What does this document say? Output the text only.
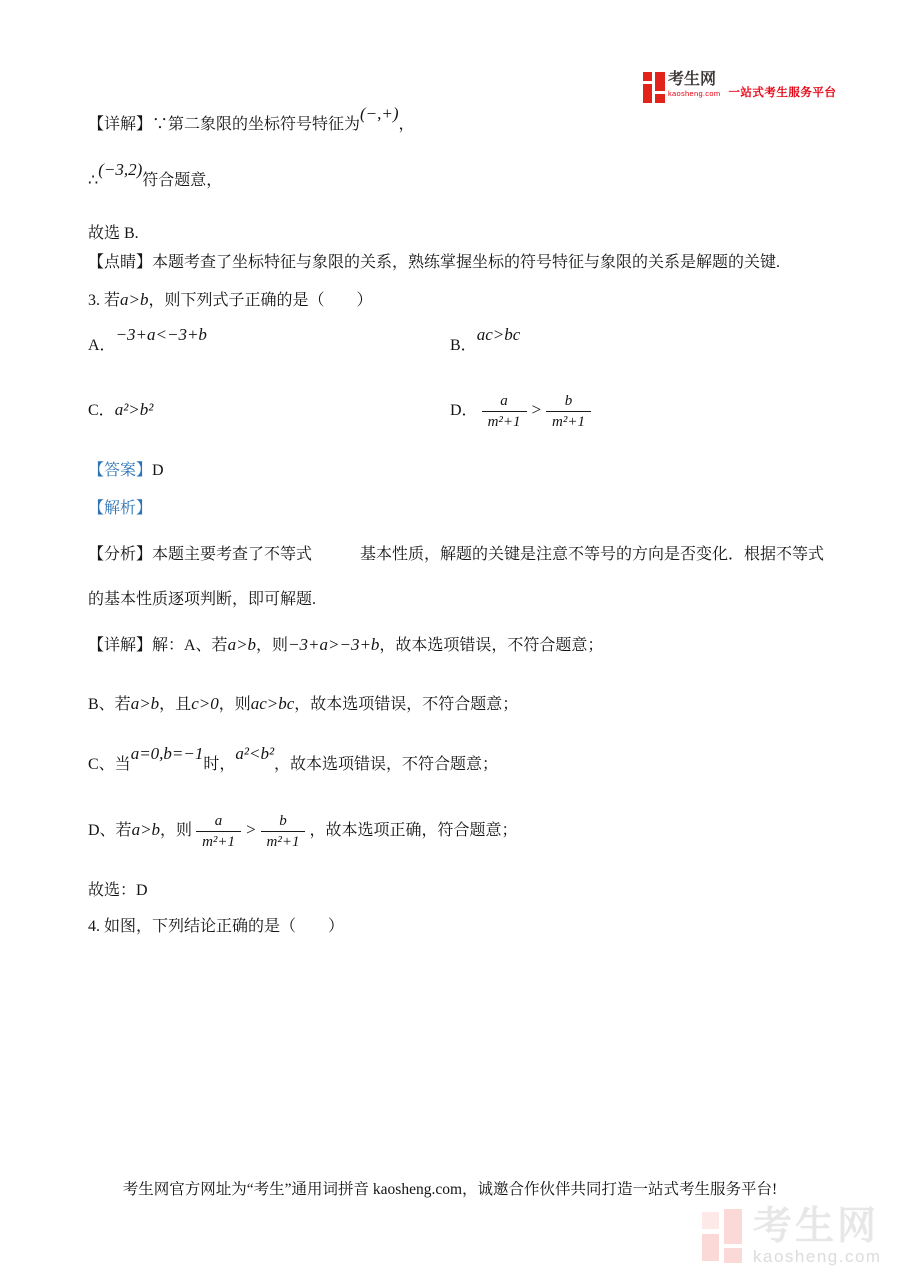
考生网
kaosheng.com 一站式考生服务平台
【详解】∵第二象限的坐标符号特征为(−,+)，
∴(−3,2)符合题意，
故选 B.
【点睛】本题考查了坐标特征与象限的关系，熟练掌握坐标的符号特征与象限的关系是解题的关键.
3. 若a>b，则下列式子正确的是（　　）
A．−3+a<−3+b
B．ac>bc
C．a²>b²	D． $\frac{a}{\text{m²+1}} > \frac{b}{\text{m²+1}}$
【答案】D
【解析】
【分析】本题主要考查了不等式　　　基本性质，解题的关键是注意不等号的方向是否变化．根据不等式
的基本性质逐项判断，即可解题.
【详解】解：A、若a>b，则−3+a>−3+b，故本选项错误，不符合题意；
B、若a>b，且c>0，则ac>bc，故本选项错误，不符合题意；
C、当a=0,b=−1时，a²<b²，故本选项错误，不符合题意；
D、若a>b，则 $\frac{a}{\text{m²+1}} > \frac{b}{\text{m²+1}}$ ，故本选项正确，符合题意；
故选：D
4. 如图，下列结论正确的是（　　）
考生网官方网址为“考生”通用词拼音 kaosheng.com，诚邀合作伙伴共同打造一站式考生服务平台!
考生网
kaosheng.com
